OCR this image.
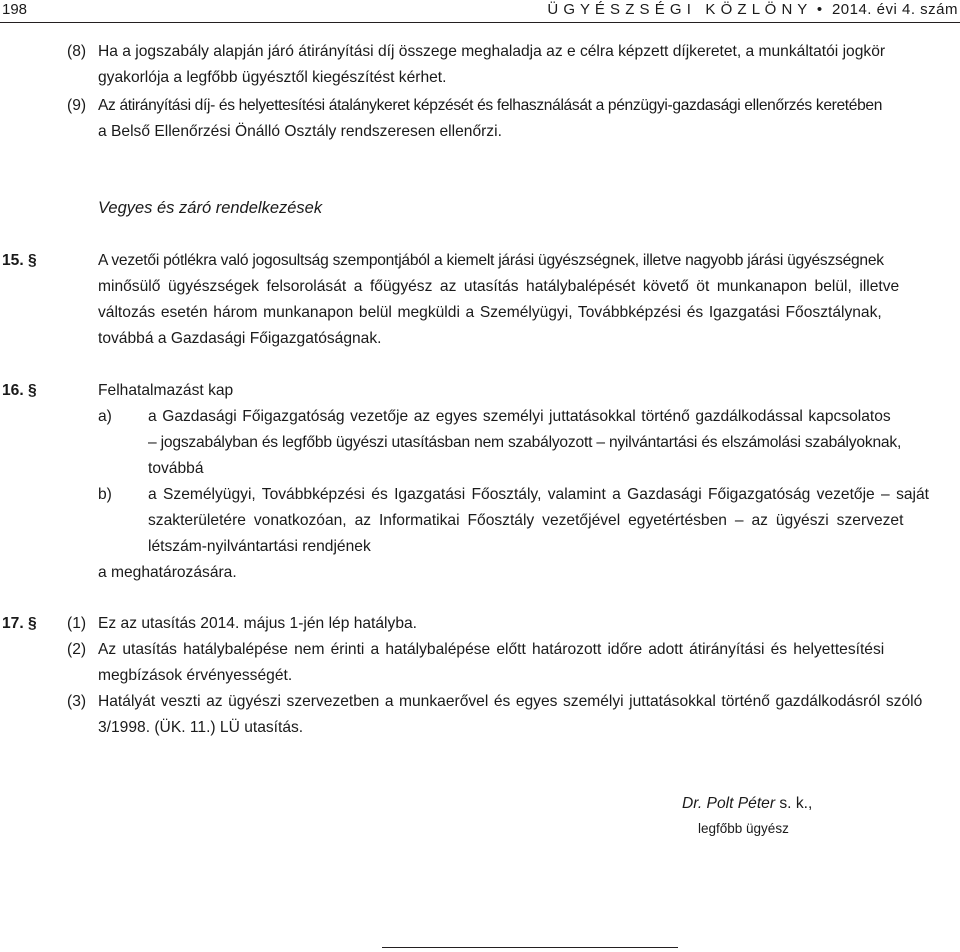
198	Ü G Y É S Z S É G I   K Ö Z L Ö N Y • 2014. évi 4. szám
(8) Ha a jogszabály alapján járó átirányítási díj összege meghaladja az e célra képzett díjkeretet, a munkáltatói jogkör
gyakorlója a legfőbb ügyésztől kiegészítést kérhet.
(9) Az átirányítási díj- és helyettesítési átalánykeret képzését és felhasználását a pénzügyi-gazdasági ellenőrzés keretében
a Belső Ellenőrzési Önálló Osztály rendszeresen ellenőrzi.
Vegyes és záró rendelkezések
15. §	A vezetői pótlékra való jogosultság szempontjából a kiemelt járási ügyészségnek, illetve nagyobb járási ügyészségnek
minősülő ügyészségek felsorolását a főügyész az utasítás hatálybalépését követő öt munkanapon belül, illetve
változás esetén három munkanapon belül megküldi a Személyügyi, Továbbképzési és Igazgatási Főosztálynak,
továbbá a Gazdasági Főigazgatóságnak.
16. §	Felhatalmazást kap
a) a Gazdasági Főigazgatóság vezetője az egyes személyi juttatásokkal történő gazdálkodással kapcsolatos
– jogszabályban és legfőbb ügyészi utasításban nem szabályozott – nyilvántartási és elszámolási szabályoknak,
továbbá
b) a Személyügyi, Továbbképzési és Igazgatási Főosztály, valamint a Gazdasági Főigazgatóság vezetője – saját
szakterületére vonatkozóan, az Informatikai Főosztály vezetőjével egyetértésben – az ügyészi szervezet
létszám-nyilvántartási rendjének
a meghatározására.
17. § (1) Ez az utasítás 2014. május 1-jén lép hatályba.
(2) Az utasítás hatálybalépése nem érinti a hatálybalépése előtt határozott időre adott átirányítási és helyettesítési
megbízások érvényességét.
(3) Hatályát veszti az ügyészi szervezetben a munkaerővel és egyes személyi juttatásokkal történő gazdálkodásról szóló
3/1998. (ÜK. 11.) LÜ utasítás.
Dr. Polt Péter s. k.,
legfőbb ügyész
